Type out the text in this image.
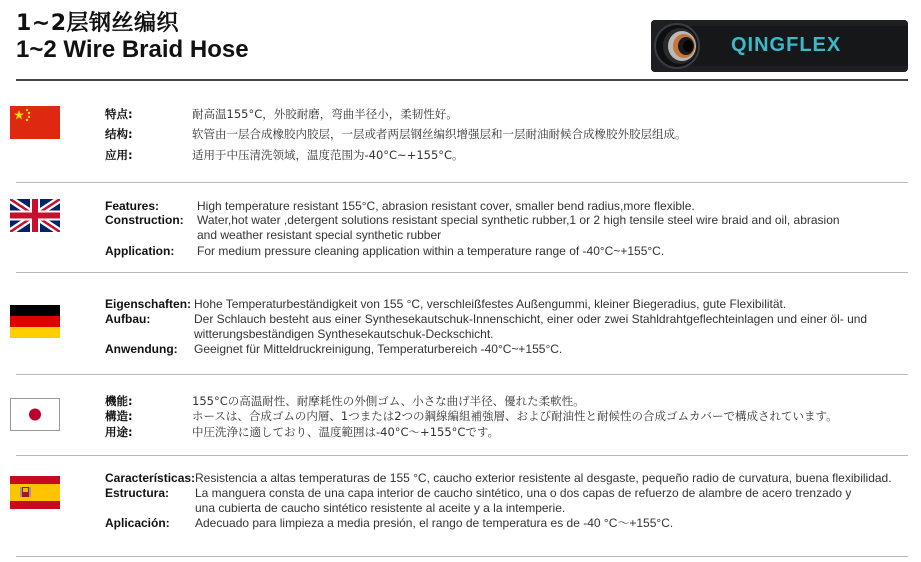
1~2层钢丝编织
1~2 Wire Braid Hose	QINGFLEX
特点:	耐高温155°C，外胶耐磨，弯曲半径小，柔韧性好。
结构:	软管由一层合成橡胶内胶层，一层或者两层钢丝编织增强层和一层耐油耐候合成橡胶外胶层组成。
应用:	适用于中压清洗领域，温度范围为-40°C~+155°C。
Features:	High temperature resistant 155°C, abrasion resistant cover, smaller bend radius,more flexible.
Construction: Water,hot water ,detergent solutions resistant special synthetic rubber,1 or 2 high tensile steel wire braid and oil, abrasion
and weather resistant special synthetic rubber
Application: For medium pressure cleaning application within a temperature range of -40°C~+155°C.
Eigenschaften: Hohe Temperaturbeständigkeit von 155 °C, verschleißfestes Außengummi, kleiner Biegeradius, gute Flexibilität.
Aufbau:	Der Schlauch besteht aus einer Synthesekautschuk-Innenschicht, einer oder zwei Stahldrahtgeflechteinlagen und einer öl- und
witterungsbeständigen Synthesekautschuk-Deckschicht.
Anwendung: Geeignet für Mitteldruckreinigung, Temperaturbereich -40°C~+155°C.
機能:	155°Cの高温耐性、耐摩耗性の外側ゴム、小さな曲げ半径、優れた柔軟性。
構造:	ホースは、合成ゴムの内層、1つまたは2つの鋼線編組補強層、および耐油性と耐候性の合成ゴムカバーで構成されています。
用途:	中圧洗浄に適しており、温度範囲は-40°C～+155°Cです。
Características:Resistencia a altas temperaturas de 155 °C, caucho exterior resistente al desgaste, pequeño radio de curvatura, buena flexibilidad.
Estructura: La manguera consta de una capa interior de caucho sintético, una o dos capas de refuerzo de alambre de acero trenzado y
una cubierta de caucho sintético resistente al aceite y a la intemperie.
Aplicación: Adecuado para limpieza a media presión, el rango de temperatura es de -40 °C～+155°C.
